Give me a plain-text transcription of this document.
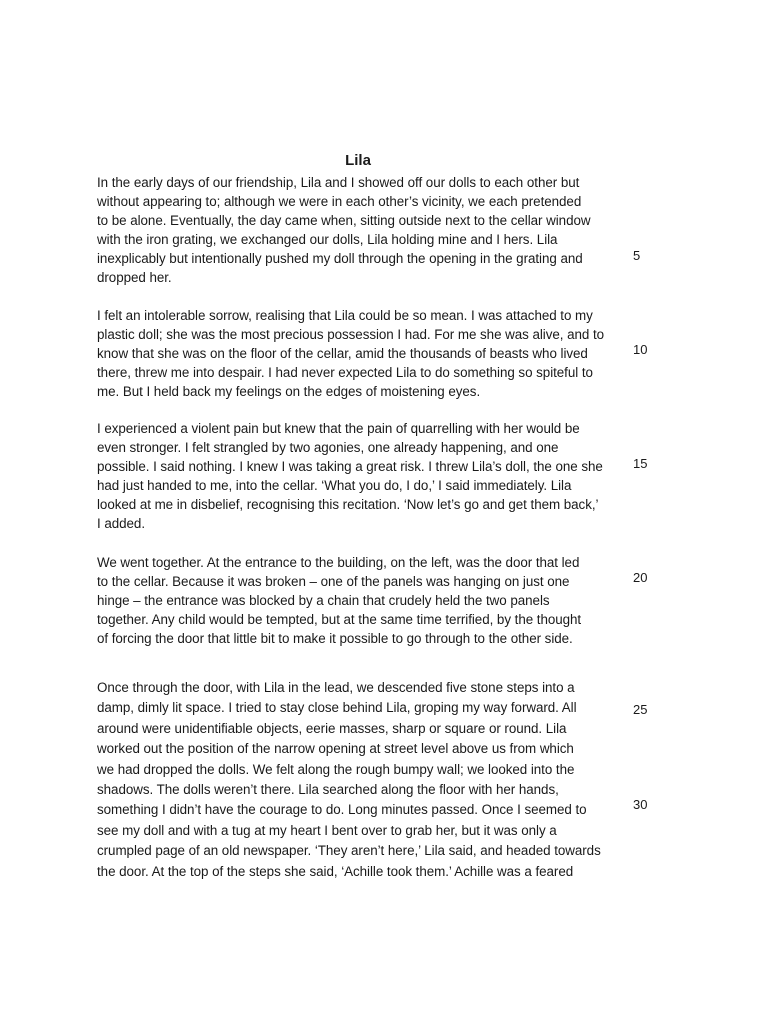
Lila

In the early days of our friendship, Lila and I showed off our dolls to each other but
without appearing to; although we were in each other’s vicinity, we each pretended
to be alone. Eventually, the day came when, sitting outside next to the cellar window
with the iron grating, we exchanged our dolls, Lila holding mine and I hers. Lila
inexplicably but intentionally pushed my doll through the opening in the grating and
dropped her.

I felt an intolerable sorrow, realising that Lila could be so mean. I was attached to my
plastic doll; she was the most precious possession I had. For me she was alive, and to
know that she was on the floor of the cellar, amid the thousands of beasts who lived
there, threw me into despair. I had never expected Lila to do something so spiteful to
me. But I held back my feelings on the edges of moistening eyes.

I experienced a violent pain but knew that the pain of quarrelling with her would be
even stronger. I felt strangled by two agonies, one already happening, and one
possible. I said nothing. I knew I was taking a great risk. I threw Lila’s doll, the one she
had just handed to me, into the cellar. ‘What you do, I do,’ I said immediately. Lila
looked at me in disbelief, recognising this recitation. ‘Now let’s go and get them back,’
I added.

We went together. At the entrance to the building, on the left, was the door that led
to the cellar. Because it was broken – one of the panels was hanging on just one
hinge – the entrance was blocked by a chain that crudely held the two panels
together. Any child would be tempted, but at the same time terrified, by the thought
of forcing the door that little bit to make it possible to go through to the other side.

Once through the door, with Lila in the lead, we descended five stone steps into a
damp, dimly lit space. I tried to stay close behind Lila, groping my way forward. All
around were unidentifiable objects, eerie masses, sharp or square or round. Lila
worked out the position of the narrow opening at street level above us from which
we had dropped the dolls. We felt along the rough bumpy wall; we looked into the
shadows. The dolls weren’t there. Lila searched along the floor with her hands,
something I didn’t have the courage to do. Long minutes passed. Once I seemed to
see my doll and with a tug at my heart I bent over to grab her, but it was only a
crumpled page of an old newspaper. ‘They aren’t here,’ Lila said, and headed towards
the door. At the top of the steps she said, ‘Achille took them.’ Achille was a feared

5
10
15
20
25
30
